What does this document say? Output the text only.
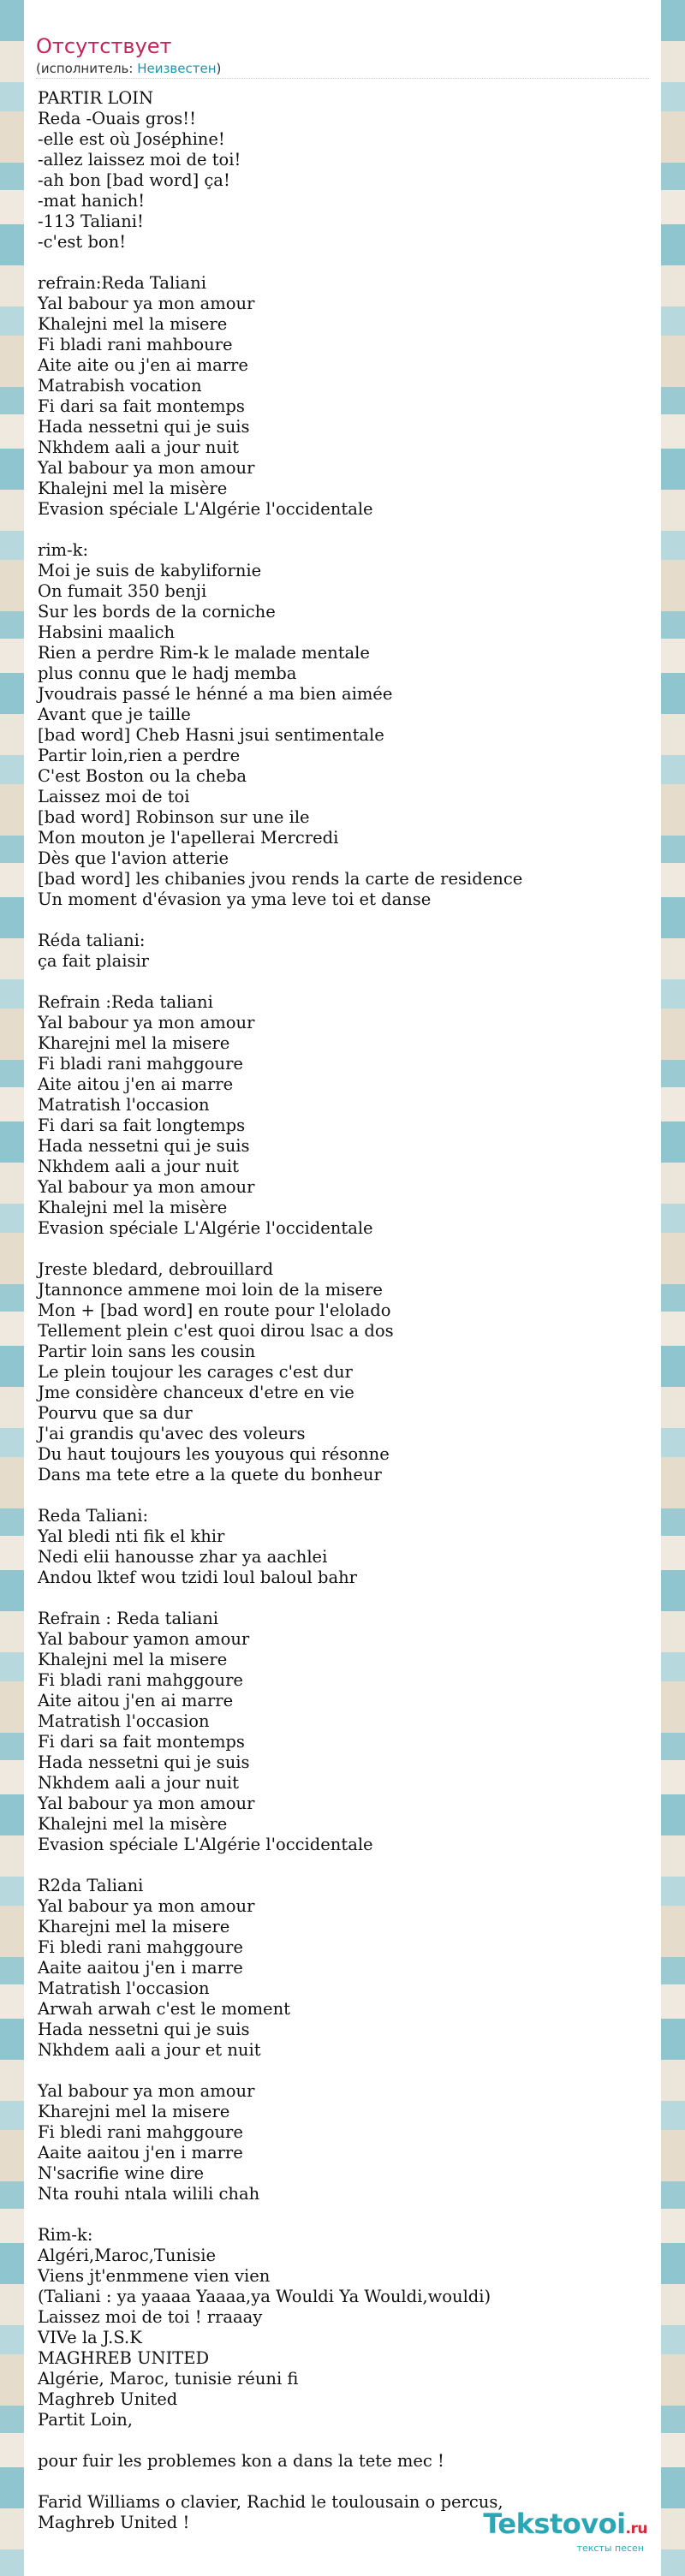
Отсутствует
(исполнитель: Неизвестен)
PARTIR LOIN
Reda -Ouais gros!!
-elle est où Joséphine!
-allez laissez moi de toi!
-ah bon [bad word] ça!
-mat hanich!
-113 Taliani!
-c'est bon!
refrain:Reda Taliani
Yal babour ya mon amour
Khalejni mel la misere
Fi bladi rani mahboure
Aite aite ou j'en ai marre
Matrabish vocation
Fi dari sa fait montemps
Hada nessetni qui je suis
Nkhdem aali a jour nuit
Yal babour ya mon amour
Khalejni mel la misère
Evasion spéciale L'Algérie l'occidentale
rim-k:
Moi je suis de kabylifornie
On fumait 350 benji
Sur les bords de la corniche
Habsini maalich
Rien a perdre Rim-k le malade mentale
plus connu que le hadj memba
Jvoudrais passé le hénné a ma bien aimée
Avant que je taille
[bad word] Cheb Hasni jsui sentimentale
Partir loin,rien a perdre
C'est Boston ou la cheba
Laissez moi de toi
[bad word] Robinson sur une ile
Mon mouton je l'apellerai Mercredi
Dès que l'avion atterie
[bad word] les chibanies jvou rends la carte de residence
Un moment d'évasion ya yma leve toi et danse
Réda taliani:
ça fait plaisir
Refrain :Reda taliani
Yal babour ya mon amour
Kharejni mel la misere
Fi bladi rani mahggoure
Aite aitou j'en ai marre
Matratish l'occasion
Fi dari sa fait longtemps
Hada nessetni qui je suis
Nkhdem aali a jour nuit
Yal babour ya mon amour
Khalejni mel la misère
Evasion spéciale L'Algérie l'occidentale
Jreste bledard, debrouillard
Jtannonce ammene moi loin de la misere
Mon + [bad word] en route pour l'elolado
Tellement plein c'est quoi dirou lsac a dos
Partir loin sans les cousin
Le plein toujour les carages c'est dur
Jme considère chanceux d'etre en vie
Pourvu que sa dur
J'ai grandis qu'avec des voleurs
Du haut toujours les youyous qui résonne
Dans ma tete etre a la quete du bonheur
Reda Taliani:
Yal bledi nti fik el khir
Nedi elii hanousse zhar ya aachlei
Andou lktef wou tzidi loul baloul bahr
Refrain : Reda taliani
Yal babour yamon amour
Khalejni mel la misere
Fi bladi rani mahggoure
Aite aitou j'en ai marre
Matratish l'occasion
Fi dari sa fait montemps
Hada nessetni qui je suis
Nkhdem aali a jour nuit
Yal babour ya mon amour
Khalejni mel la misère
Evasion spéciale L'Algérie l'occidentale
R2da Taliani
Yal babour ya mon amour
Kharejni mel la misere
Fi bledi rani mahggoure
Aaite aaitou j'en i marre
Matratish l'occasion
Arwah arwah c'est le moment
Hada nessetni qui je suis
Nkhdem aali a jour et nuit
Yal babour ya mon amour
Kharejni mel la misere
Fi bledi rani mahggoure
Aaite aaitou j'en i marre
N'sacrifie wine dire
Nta rouhi ntala wilili chah
Rim-k:
Algéri,Maroc,Tunisie
Viens jt'enmmene vien vien
(Taliani : ya yaaaa Yaaaa,ya Wouldi Ya Wouldi,wouldi)
Laissez moi de toi ! rraaay
VIVe la J.S.K
MAGHREB UNITED
Algérie, Maroc, tunisie réuni fi
Maghreb United
Partit Loin,
pour fuir les problemes kon a dans la tete mec !
Farid Williams o clavier, Rachid le toulousain o percus,
Maghreb United !	Tekstovoi.ru
тексты песен
